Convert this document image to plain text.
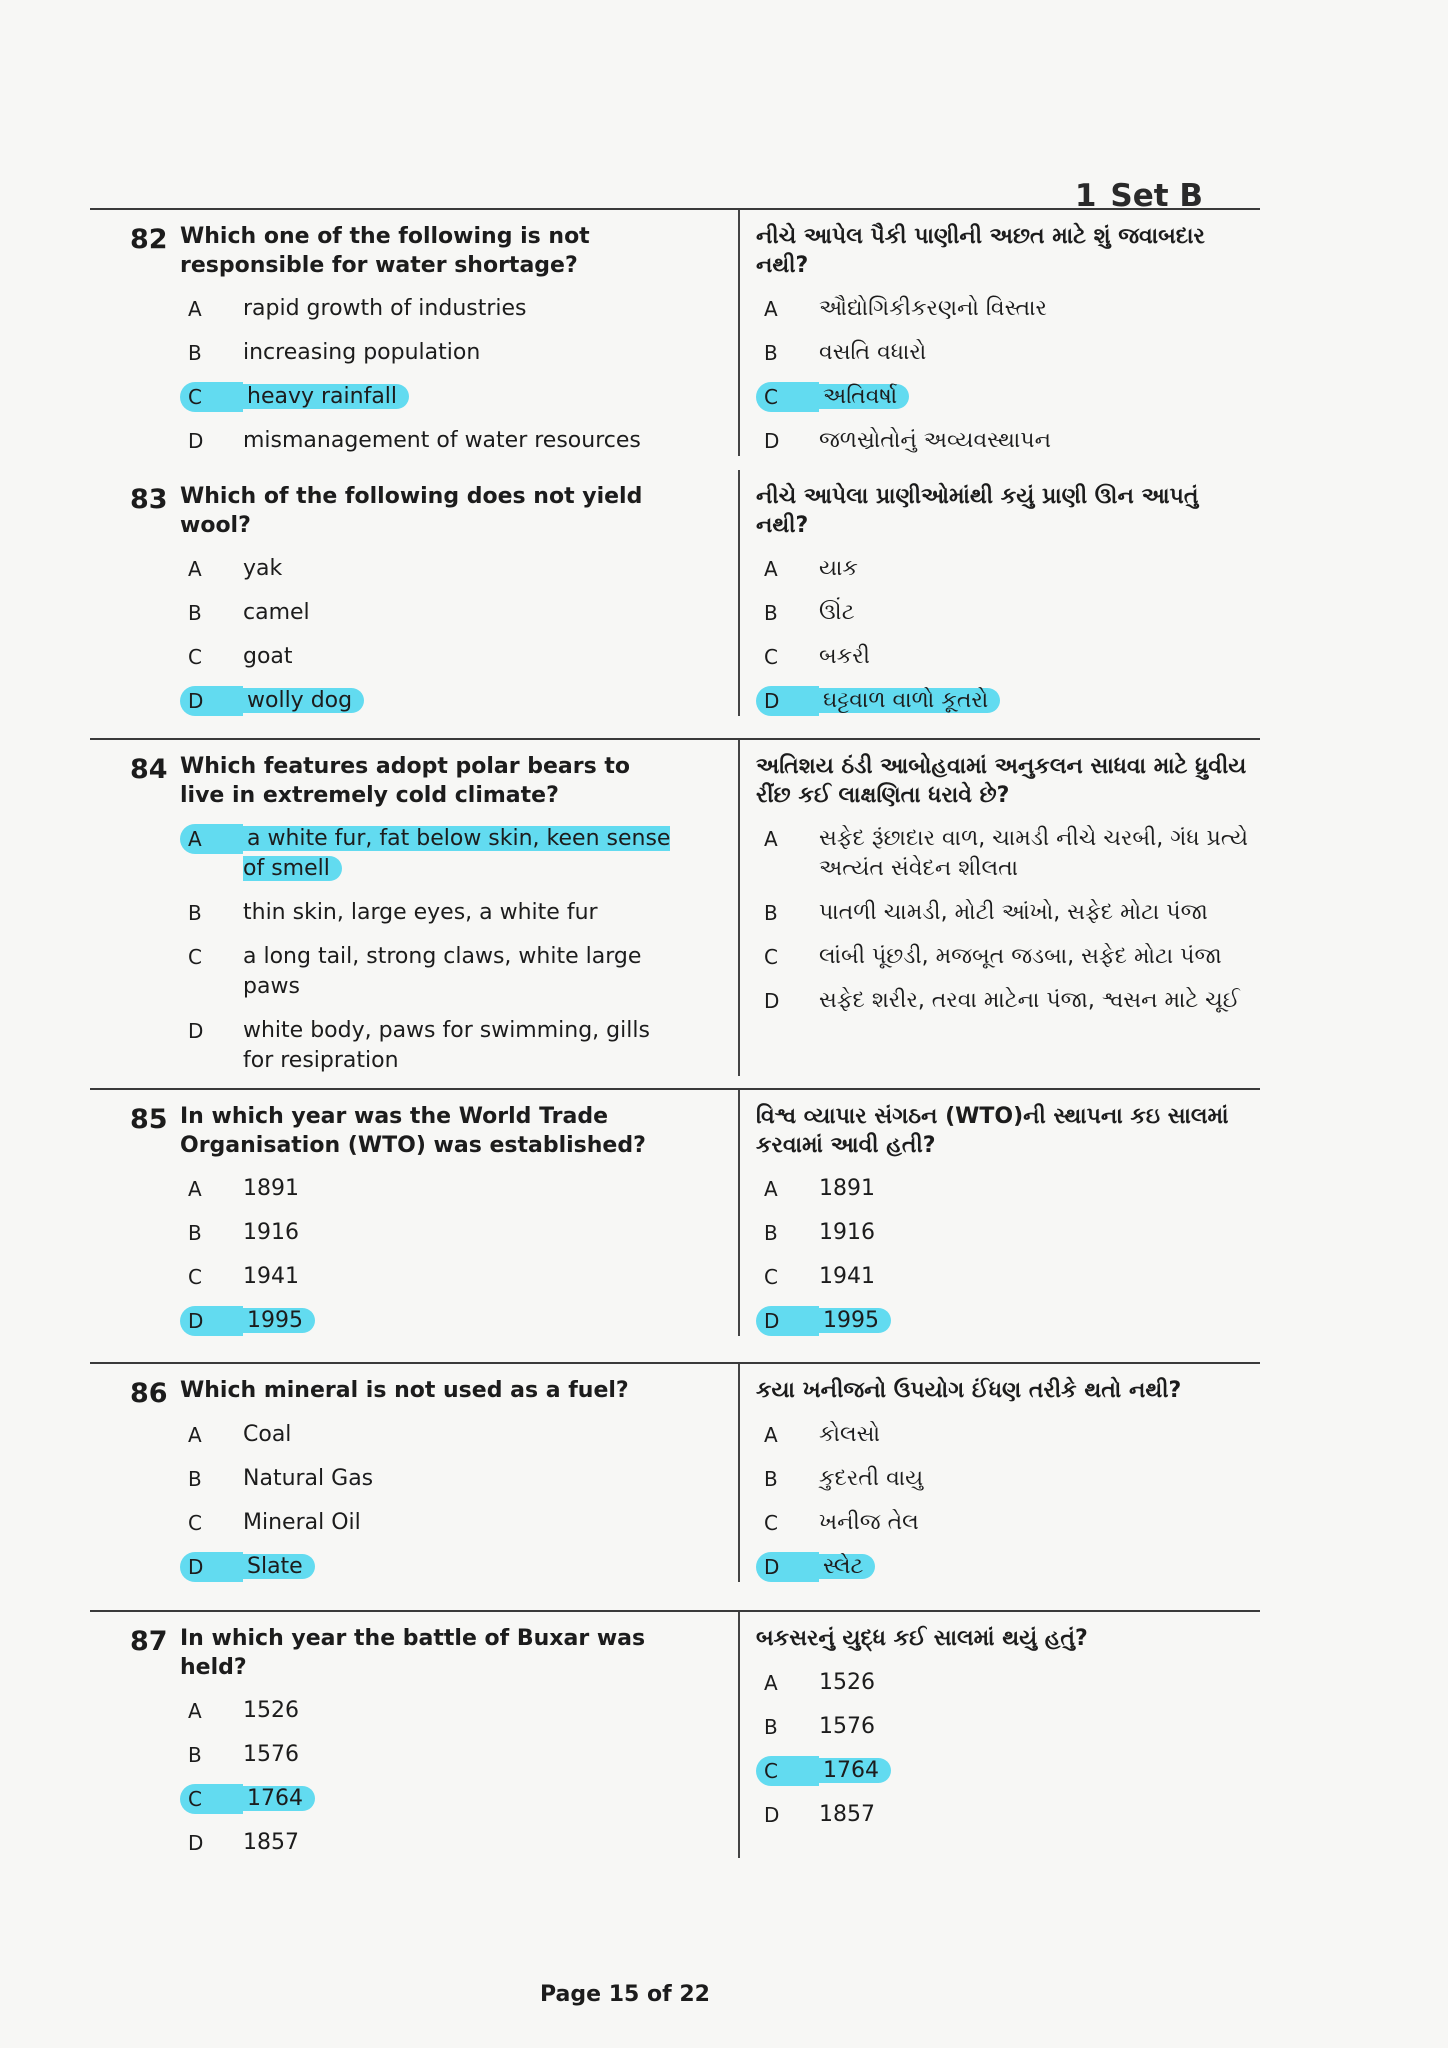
1 Set B
82 Which one of the following is not responsible for water shortage?
A	rapid growth of industries
B	increasing population
C	heavy rainfall
D	mismanagement of water resources
નીચે આપેલ પૈકી પાણીની અછત માટે શું જવાબદાર નથી?
A	ઔદ્યોગિકીકરણનો વિસ્તાર
B	વસતિ વધારો
C	અતિવર્ષા
D	જળસ્રોતોનું અવ્યવસ્થાપન
83 Which of the following does not yield wool?
A	yak
B	camel
C	goat
D	wolly dog
નીચે આપેલા પ્રાણીઓમાંથી કયું પ્રાણી ઊન આપતું નથી?
A	યાક
B	ઊંટ
C	બકરી
D	ઘટ્ટવાળ વાળો કૂતરો
84 Which features adopt polar bears to live in extremely cold climate?
A	a white fur, fat below skin, keen sense of smell
B	thin skin, large eyes, a white fur
C	a long tail, strong claws, white large paws
D	white body, paws for swimming, gills for resipration
અતિશય ઠંડી આબોહવામાં અનુકલન સાધવા માટે ધ્રુવીય રીંછ કઈ લાક્ષણિતા ધરાવે છે?
A	સફેદ રૂંછાદાર વાળ, ચામડી નીચે ચરબી, ગંધ પ્રત્યે અત્યંત સંવેદન શીલતા
B	પાતળી ચામડી, મોટી આંખો, સફેદ મોટા પંજા
C	લાંબી પૂંછડી, મજબૂત જડબા, સફેદ મોટા પંજા
D	સફેદ શરીર, તરવા માટેના પંજા, શ્વસન માટે ચૂઈ
85 In which year was the World Trade Organisation (WTO) was established?
A	1891
B	1916
C	1941
D	1995
વિશ્વ વ્યાપાર સંગઠન (WTO)ની સ્થાપના કઇ સાલમાં કરવામાં આવી હતી?
A	1891
B	1916
C	1941
D	1995
86 Which mineral is not used as a fuel?
A	Coal
B	Natural Gas
C	Mineral Oil
D	Slate
કયા ખનીજનો ઉપયોગ ઈંધણ તરીકે થતો નથી?
A	કોલસો
B	કુદરતી વાયુ
C	ખનીજ તેલ
D	સ્લેટ
87 In which year the battle of Buxar was held?
A	1526
B	1576
C	1764
D	1857
બકસરનું યુદ્ધ કઈ સાલમાં થયું હતું?
A	1526
B	1576
C	1764
D	1857
Page 15 of 22
